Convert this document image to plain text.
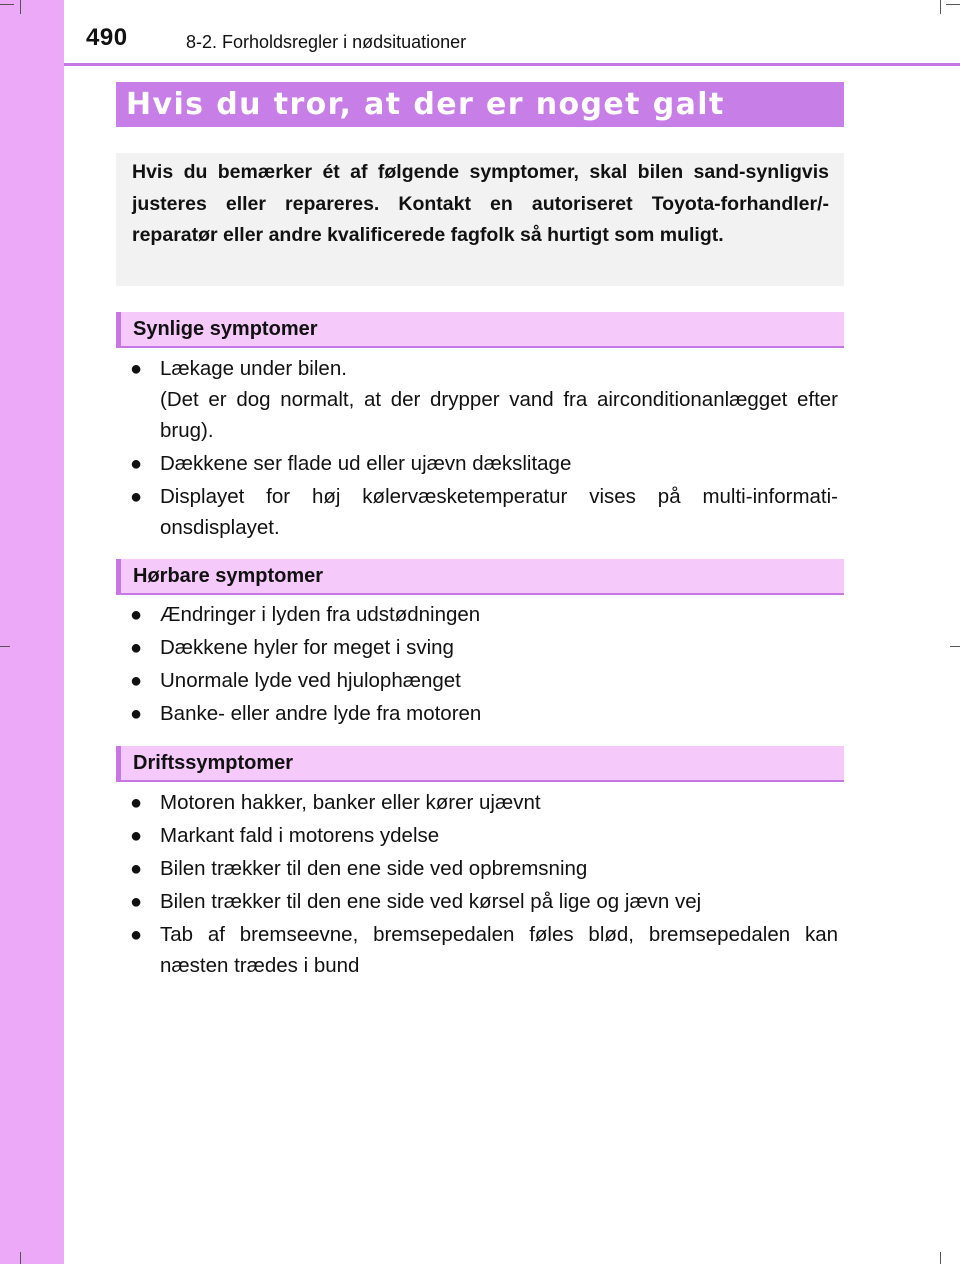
490	8-2. Forholdsregler i nødsituationer
Hvis du tror, at der er noget galt
Hvis du bemærker ét af følgende symptomer, skal bilen sand-synligvis justeres eller repareres. Kontakt en autoriseret Toyota-forhandler/-reparatør eller andre kvalificerede fagfolk så hurtigt som muligt.
Synlige symptomer
● Lækage under bilen.
(Det er dog normalt, at der drypper vand fra airconditionanlægget efter brug).
● Dækkene ser flade ud eller ujævn dækslitage
● Displayet for høj kølervæsketemperatur vises på multi-informati-onsdisplayet.
Hørbare symptomer
● Ændringer i lyden fra udstødningen
● Dækkene hyler for meget i sving
● Unormale lyde ved hjulophænget
● Banke- eller andre lyde fra motoren
Driftssymptomer
● Motoren hakker, banker eller kører ujævnt
● Markant fald i motorens ydelse
● Bilen trækker til den ene side ved opbremsning
● Bilen trækker til den ene side ved kørsel på lige og jævn vej
● Tab af bremseevne, bremsepedalen føles blød, bremsepedalen kan næsten trædes i bund
